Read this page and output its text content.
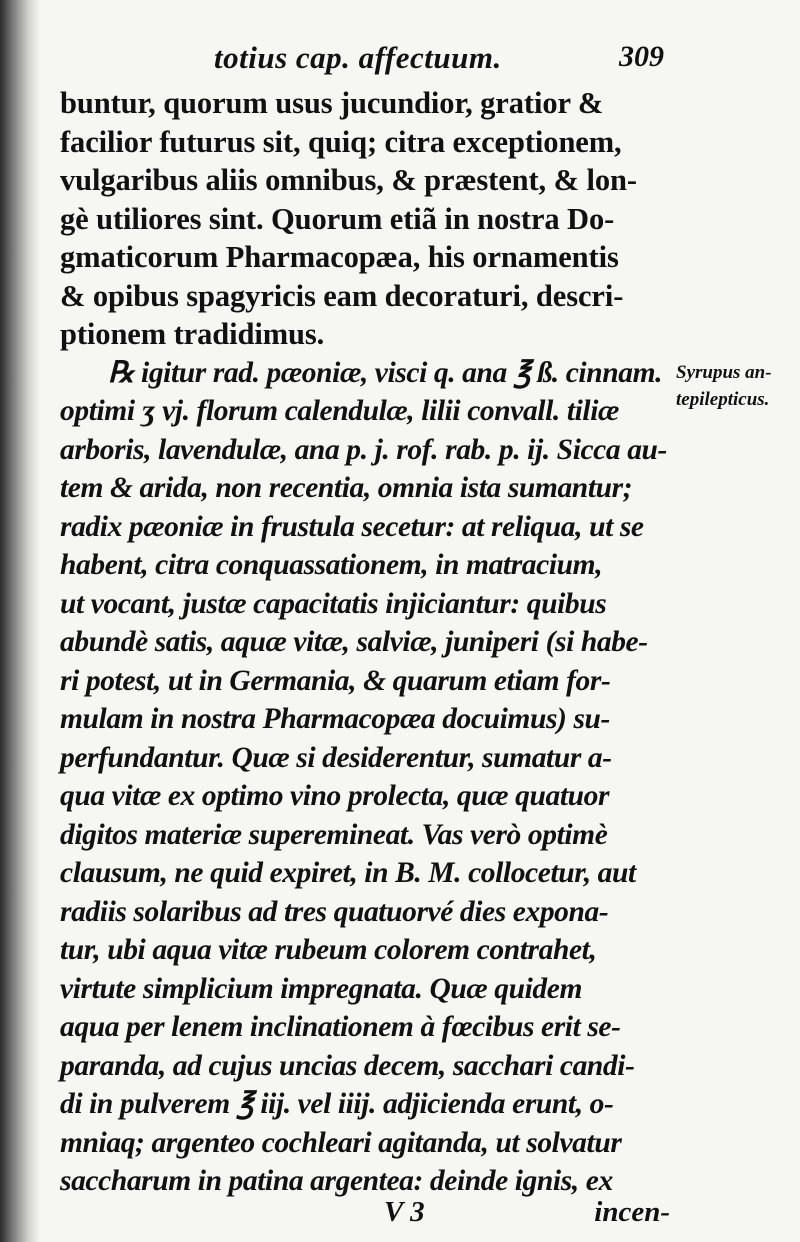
totius cap. affectuum.	309
buntur, quorum usus jucundior, gratior &
facilior futurus sit, quiq; citra exceptionem,
vulgaribus aliis omnibus, & præstent, & lon-
gè utiliores sint. Quorum etiã in nostra Do-
gmaticorum Pharmacopæa, his ornamentis
& opibus spagyricis eam decoraturi, descri-
ptionem tradidimus.
℞ igitur rad. pæoniæ, visci q. ana ℥ ß. cinnam.
optimi ʒ vj. florum calendulæ, lilii convall. tiliæ
arboris, lavendulæ, ana p. j. rof. rab. p. ij. Sicca au-
tem & arida, non recentia, omnia ista sumantur;
radix pæoniæ in frustula secetur: at reliqua, ut se
habent, citra conquassationem, in matracium,
ut vocant, justæ capacitatis injiciantur: quibus
abundè satis, aquæ vitæ, salviæ, juniperi (si habe-
ri potest, ut in Germania, & quarum etiam for-
mulam in nostra Pharmacopæa docuimus) su-
perfundantur. Quæ si desiderentur, sumatur a-
qua vitæ ex optimo vino prolecta, quæ quatuor
digitos materiæ superemineat. Vas verò optimè
clausum, ne quid expiret, in B. M. collocetur, aut
radiis solaribus ad tres quatuorvé dies exponа-
tur, ubi aqua vitæ rubeum colorem contrahet,
virtute simplicium impregnata. Quæ quidem
aqua per lenem inclinationem à fœcibus erit se-
paranda, ad cujus uncias decem, sacchari candi-
di in pulverem ℥ iij. vel iiij. adjicienda erunt, o-
mniaq; argenteo cochleari agitanda, ut solvatur
saccharum in patina argentea: deinde ignis, ex
Syrupus an-
tepilepticus.
V 3	incen-
